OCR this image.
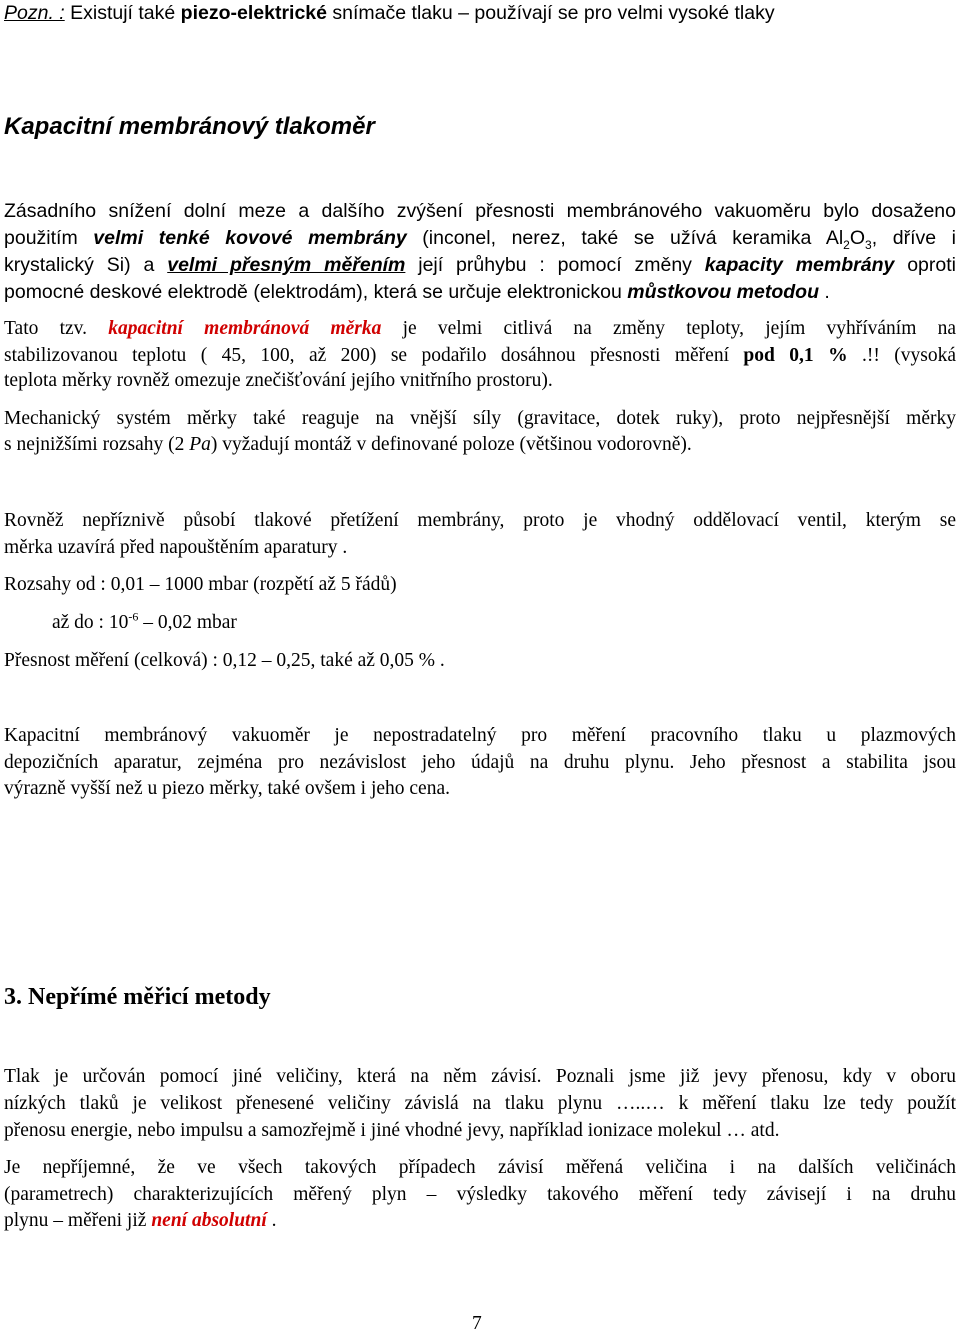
Pozn. : Existují také piezo-elektrické snímače tlaku – používají se pro velmi vysoké tlaky
Kapacitní membránový tlakoměr
Zásadního snížení dolní meze a dalšího zvýšení přesnosti membránového vakuoměru bylo dosaženo
použitím velmi tenké kovové membrány (inconel, nerez, také se užívá keramika $Al_2O_3$, dříve i
krystalický Si) a velmi přesným měřením její průhybu : pomocí změny kapacity membrány oproti
pomocné deskové elektrodě (elektrodám), která se určuje elektronickou můstkovou metodou .
Tato tzv. kapacitní membránová měrka je velmi citlivá na změny teploty, jejím vyhříváním na
stabilizovanou teplotu ( 45, 100, až 200) se podařilo dosáhnou přesnosti měření pod 0,1 % .!! (vysoká
teplota měrky rovněž omezuje znečišťování jejího vnitřního prostoru).
Mechanický systém měrky také reaguje na vnější síly (gravitace, dotek ruky), proto nejpřesnější měrky
s nejnižšími rozsahy (2 Pa) vyžadují montáž v definované poloze (většinou vodorovně).
Rovněž nepříznivě působí tlakové přetížení membrány, proto je vhodný oddělovací ventil, kterým se
měrka uzavírá před napouštěním aparatury .
Rozsahy od : 0,01 – 1000 mbar (rozpětí až 5 řádů)
až do : $10^{-6} - 0,02$ mbar
Přesnost měření (celková) : 0,12 – 0,25, také až 0,05 % .
Kapacitní membránový vakuoměr je nepostradatelný pro měření pracovního tlaku u plazmových
depozičních aparatur, zejména pro nezávislost jeho údajů na druhu plynu. Jeho přesnost a stabilita jsou
výrazně vyšší než u piezo měrky, také ovšem i jeho cena.
3. Nepřímé měřicí metody
Tlak je určován pomocí jiné veličiny, která na něm závisí. Poznali jsme již jevy přenosu, kdy v oboru
nízkých tlaků je velikost přenesené veličiny závislá na tlaku plynu …..… k měření tlaku lze tedy použít
přenosu energie, nebo impulsu a samozřejmě i jiné vhodné jevy, například ionizace molekul … atd.
Je nepříjemné, že ve všech takových případech závisí měřená veličina i na dalších veličinách
(parametrech) charakterizujících měřený plyn – výsledky takového měření tedy závisejí i na druhu
plynu – měřeni již není absolutní .
7
